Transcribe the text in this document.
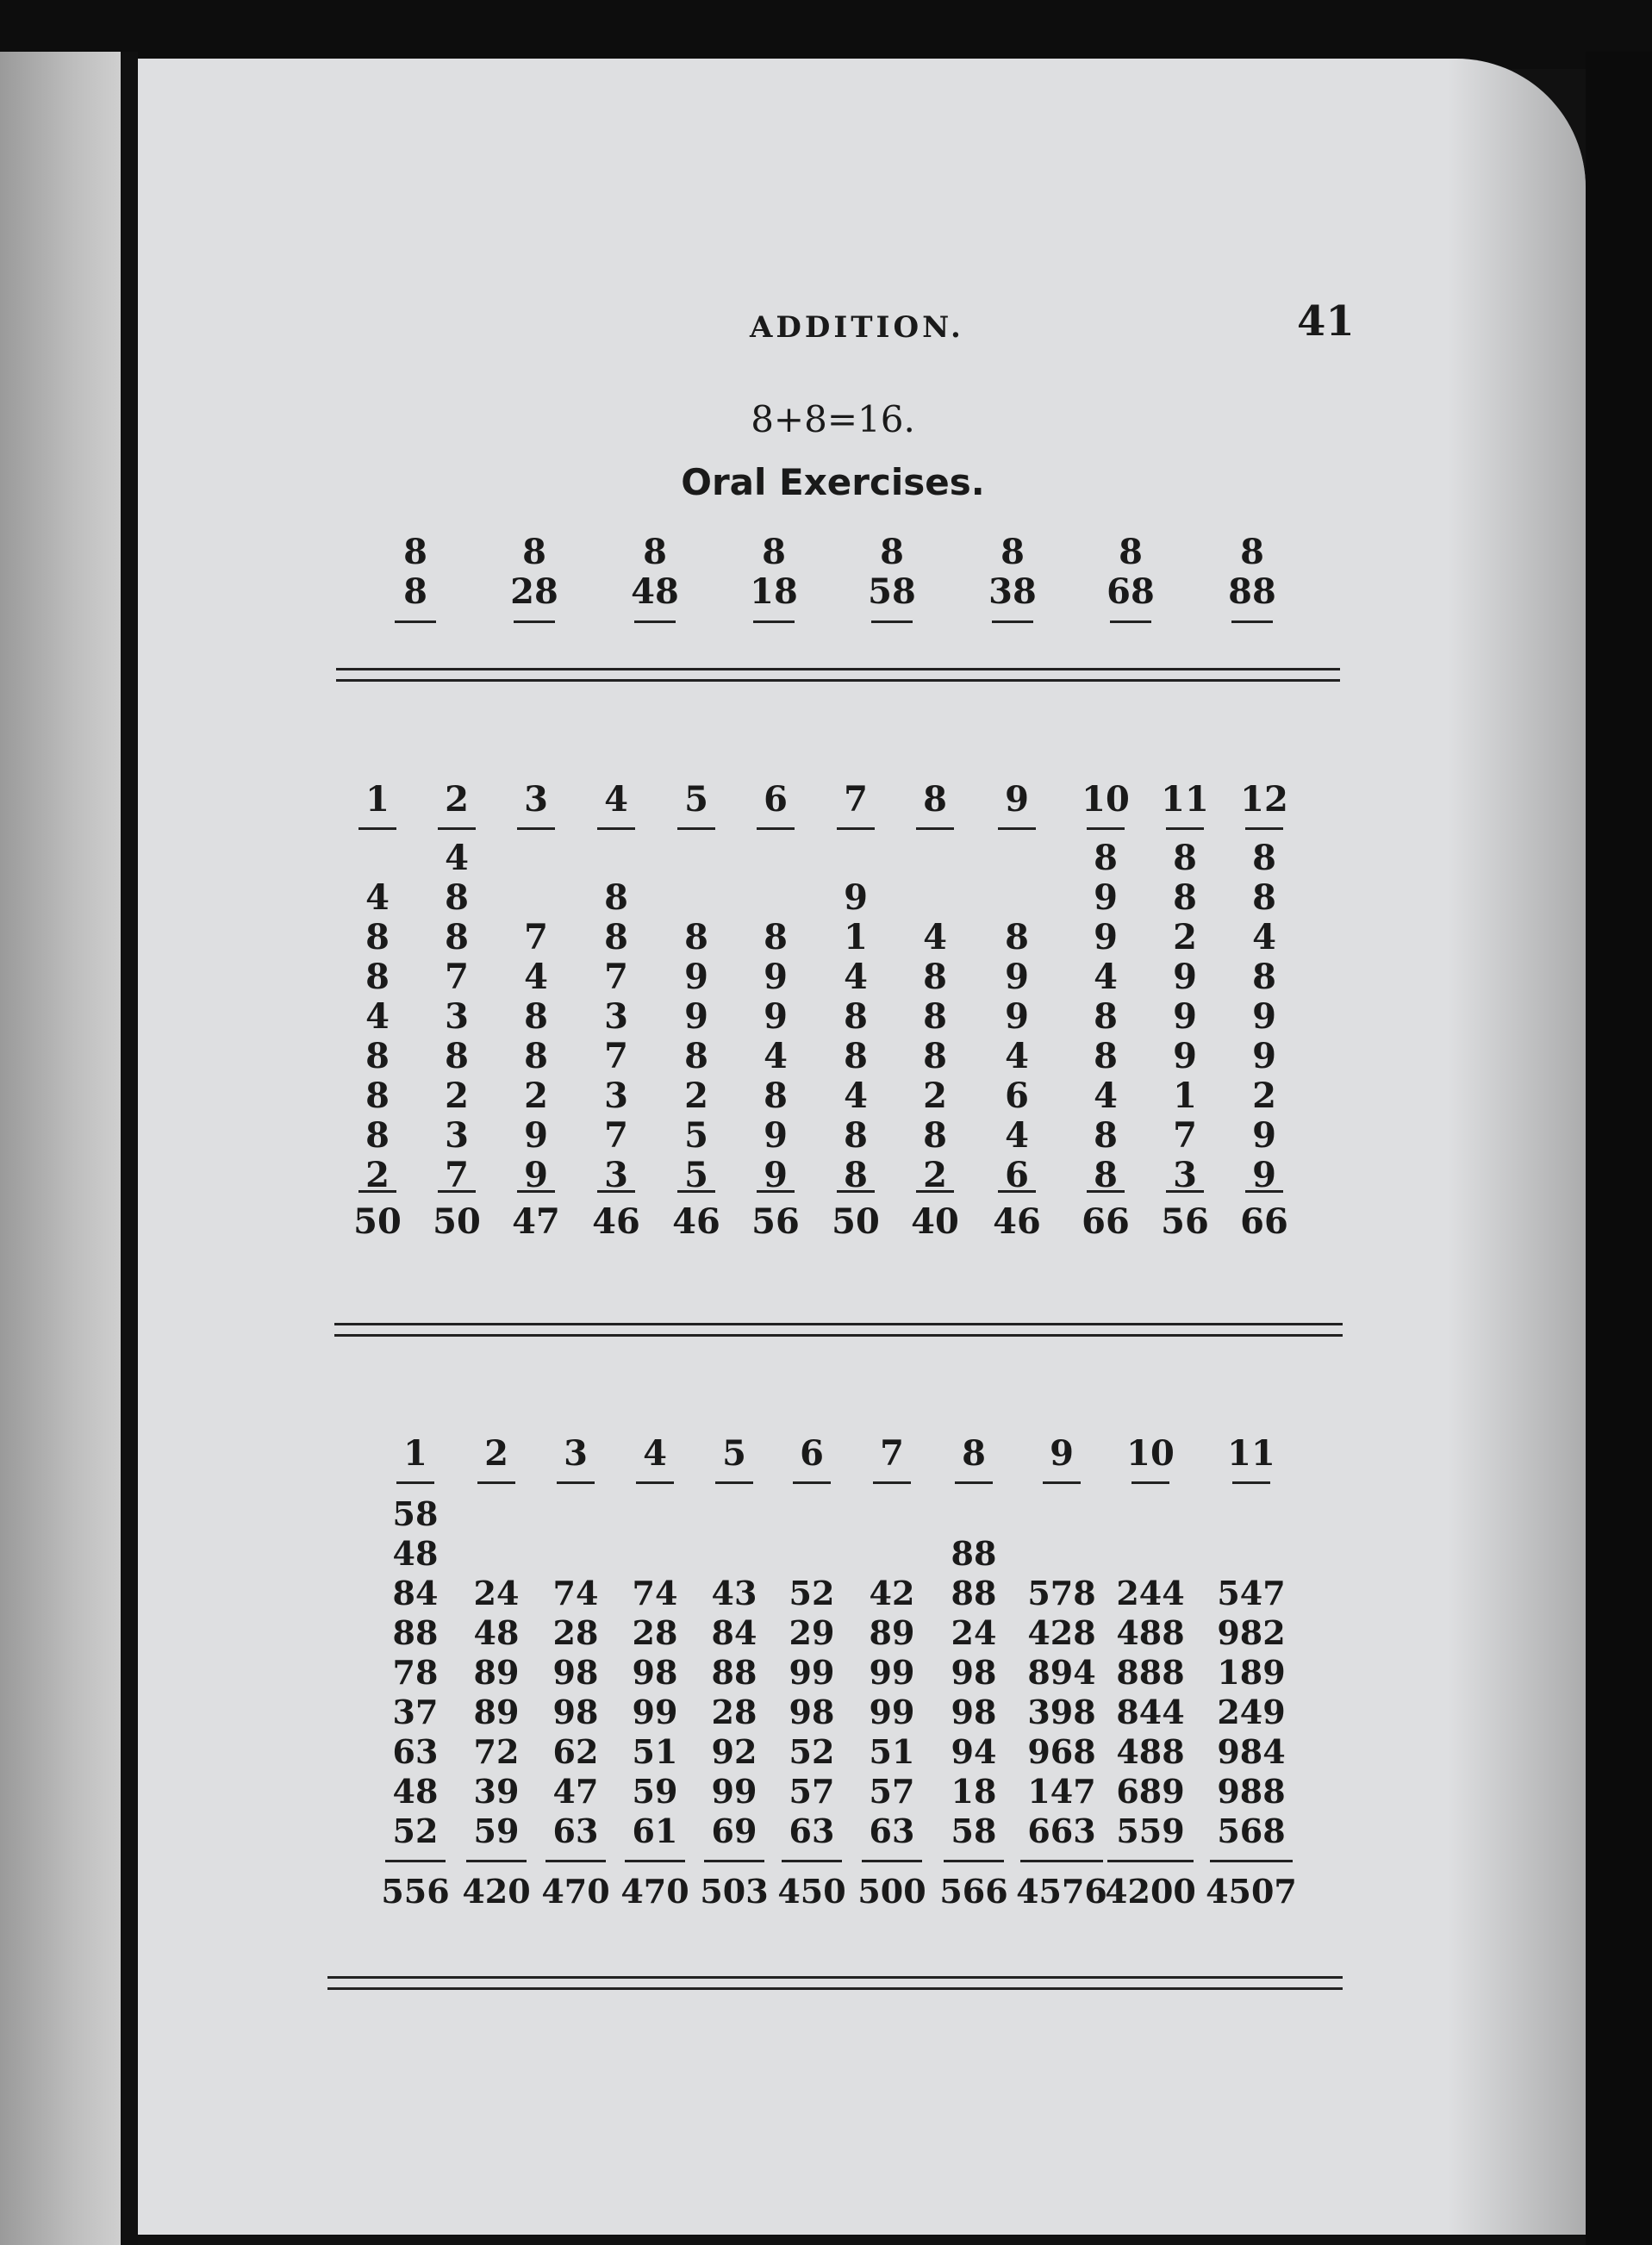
ADDITION.	41
8+8=16.
Oral Exercises.
8
8
8
28
8
48
8
18
8
58
8
38
8
68
8
88
1
4
8
8
4
8
8
8
2
50
2
4
8
8
7
3
8
2
3
7
50
3
7
4
8
8
2
9
9
47
4
8
8
7
3
7
3
7
3
46
5
8
9
9
8
2
5
5
46
6
8
9
9
4
8
9
9
56
7
9
1
4
8
8
4
8
8
50
8
4
8
8
8
2
8
2
40
9
8
9
9
4
6
4
6
46
10
8
9
9
4
8
8
4
8
8
66
11
8
8
2
9
9
9
1
7
3
56
12
8
8
4
8
9
9
2
9
9
66
1
58
48
84
88
78
37
63
48
52
556
2
24
48
89
89
72
39
59
420
3
74
28
98
98
62
47
63
470
4
74
28
98
99
51
59
61
470
5
43
84
88
28
92
99
69
503
6
52
29
99
98
52
57
63
450
7
42
89
99
99
51
57
63
500
8
88
88
24
98
98
94
18
58
566
9
578
428
894
398
968
147
663
4576
10
244
488
888
844
488
689
559
4200
11
547
982
189
249
984
988
568
4507
